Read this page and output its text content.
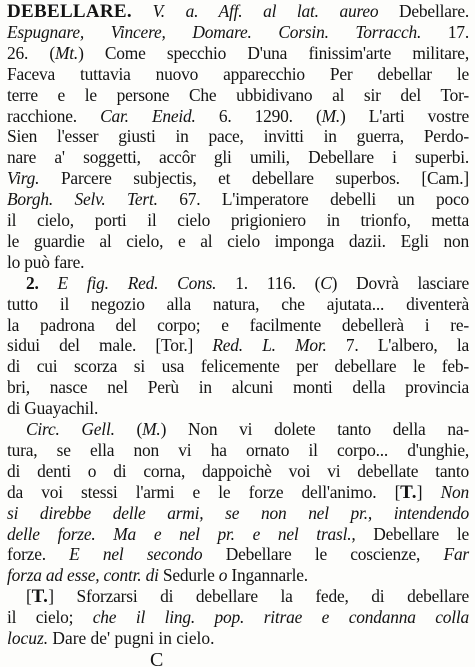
DEBELLARE. V. a. Aff. al lat. aureo Debellare.
Espugnare, Vincere, Domare. Corsin. Torracch. 17.
26. (Mt.) Come specchio D'una finissim'arte militare,
Faceva tuttavia nuovo apparecchio Per debellar le
terre e le persone Che ubbidivano al sir del Tor-
racchione. Car. Eneid. 6. 1290. (M.) L'arti vostre
Sien l'esser giusti in pace, invitti in guerra, Perdo-
nare a' soggetti, accôr gli umili, Debellare i superbi.
Virg. Parcere subjectis, et debellare superbos. [Cam.]
Borgh. Selv. Tert. 67. L'imperatore debelli un poco
il cielo, porti il cielo prigioniero in trionfo, metta
le guardie al cielo, e al cielo imponga dazii. Egli non
lo può fare.
2. E fig. Red. Cons. 1. 116. (C) Dovrà lasciare
tutto il negozio alla natura, che ajutata... diventerà
la padrona del corpo; e facilmente debellerà i re-
sidui del male. [Tor.] Red. L. Mor. 7. L'albero, la
di cui scorza si usa felicemente per debellare le feb-
bri, nasce nel Perù in alcuni monti della provincia
di Guayachil.
Circ. Gell. (M.) Non vi dolete tanto della na-
tura, se ella non vi ha ornato il corpo... d'unghie,
di denti o di corna, dappoichè voi vi debellate tanto
da voi stessi l'armi e le forze dell'animo. [T.] Non
si direbbe delle armi, se non nel pr., intendendo
delle forze. Ma e nel pr. e nel trasl., Debellare le
forze. E nel secondo Debellare le coscienze, Far
forza ad esse, contr. di Sedurle o Ingannarle.
[T.] Sforzarsi di debellare la fede, di debellare
il cielo; che il ling. pop. ritrae e condanna colla
C
locuz. Dare de' pugni in cielo.
